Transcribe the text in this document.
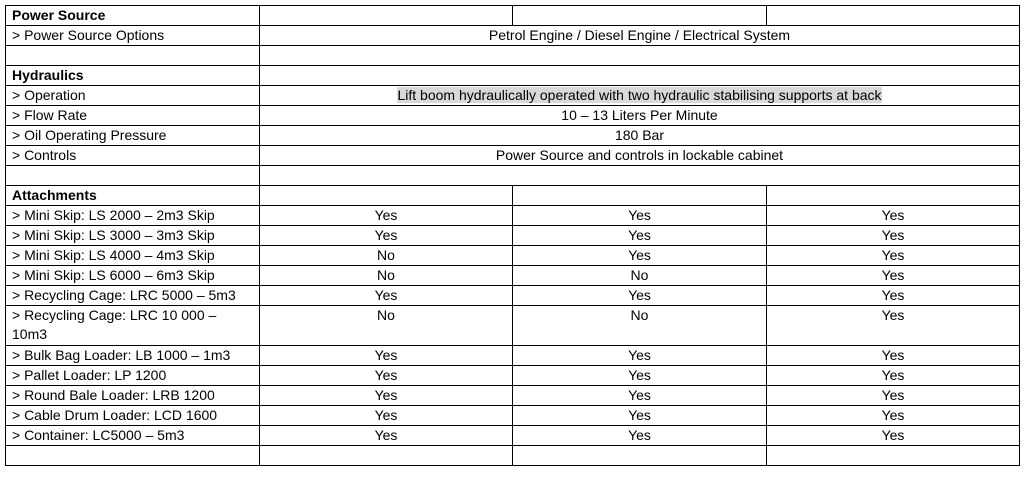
Power Source			
> Power Source Options	Petrol Engine / Diesel Engine / Electrical System		

Hydraulics			
> Operation	Lift boom hydraulically operated with two hydraulic stabilising supports at back		
> Flow Rate	10 – 13 Liters Per Minute		
> Oil Operating Pressure	180 Bar		
> Controls	Power Source and controls in lockable cabinet		

Attachments			
> Mini Skip: LS 2000 – 2m3 Skip	Yes	Yes	Yes
> Mini Skip: LS 3000 – 3m3 Skip	Yes	Yes	Yes
> Mini Skip: LS 4000 – 4m3 Skip	No	Yes	Yes
> Mini Skip: LS 6000 – 6m3 Skip	No	No	Yes
> Recycling Cage: LRC 5000 – 5m3	Yes	Yes	Yes
> Recycling Cage: LRC 10 000 – 10m3	No	No	Yes
> Bulk Bag Loader: LB 1000 – 1m3	Yes	Yes	Yes
> Pallet Loader: LP 1200	Yes	Yes	Yes
> Round Bale Loader: LRB 1200	Yes	Yes	Yes
> Cable Drum Loader: LCD 1600	Yes	Yes	Yes
> Container: LC5000 – 5m3	Yes	Yes	Yes
